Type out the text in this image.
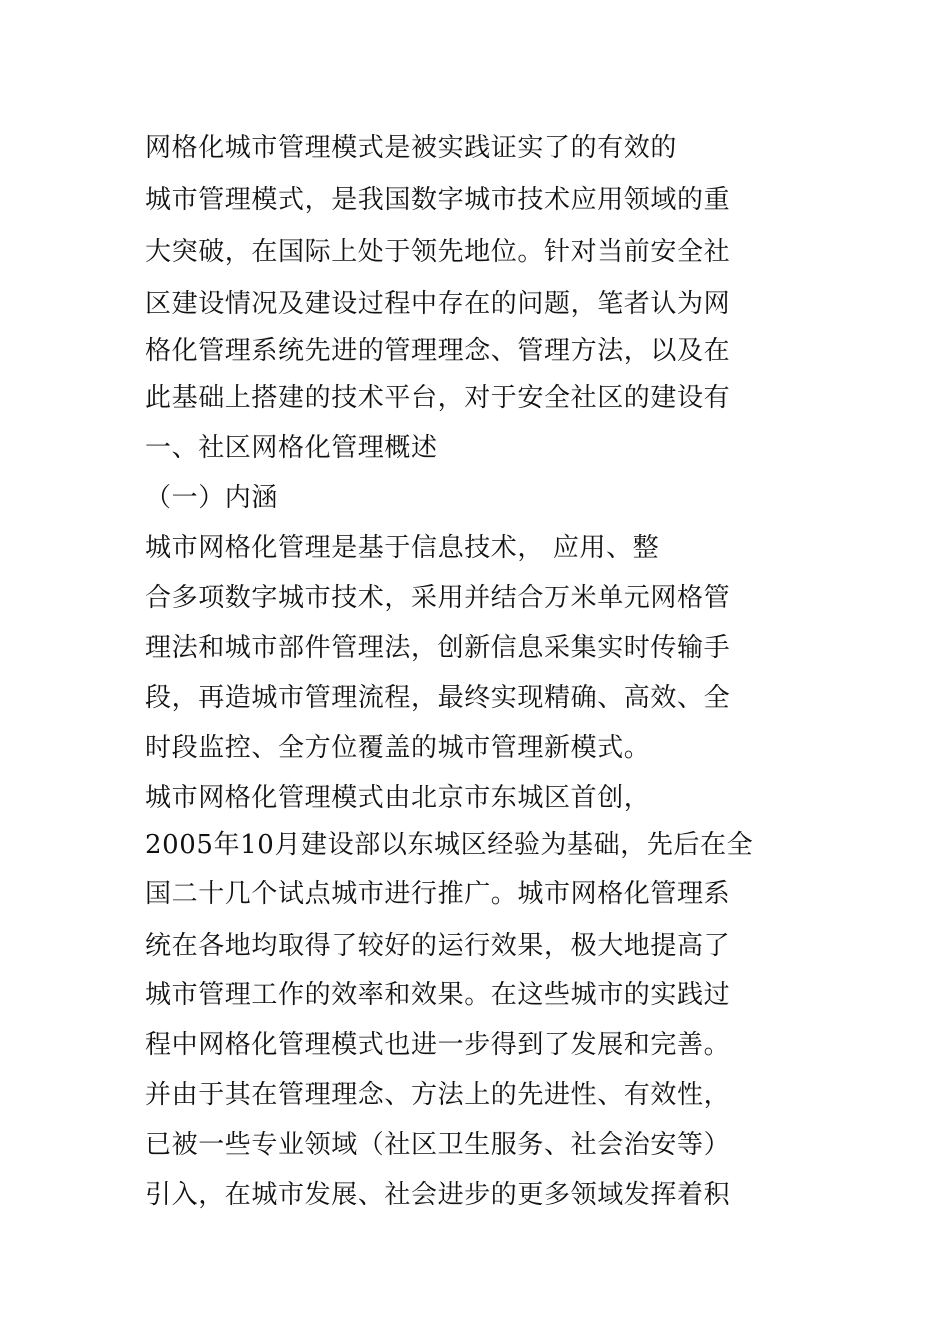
网格化城市管理模式是被实践证实了的有效的
城市管理模式，是我国数字城市技术应用领域的重
大突破，在国际上处于领先地位。针对当前安全社
区建设情况及建设过程中存在的问题，笔者认为网
格化管理系统先进的管理理念、管理方法，以及在
此基础上搭建的技术平台，对于安全社区的建设有
一、社区网格化管理概述
（一）内涵
城市网格化管理是基于信息技术， 应用、整
合多项数字城市技术，采用并结合万米单元网格管
理法和城市部件管理法，创新信息采集实时传输手
段，再造城市管理流程，最终实现精确、高效、全
时段监控、全方位覆盖的城市管理新模式。
城市网格化管理模式由北京市东城区首创，
2005年10月建设部以东城区经验为基础，先后在全
国二十几个试点城市进行推广。城市网格化管理系
统在各地均取得了较好的运行效果，极大地提高了
城市管理工作的效率和效果。在这些城市的实践过
程中网格化管理模式也进一步得到了发展和完善。
并由于其在管理理念、方法上的先进性、有效性，
已被一些专业领域（社区卫生服务、社会治安等）
引入，在城市发展、社会进步的更多领域发挥着积
